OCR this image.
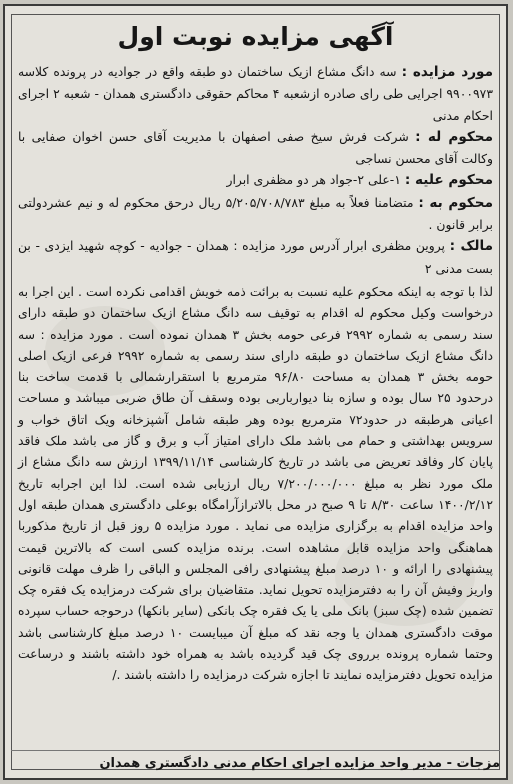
آگهی مزایده نوبت اول

مورد مزایده : سه دانگ مشاع ازیک ساختمان دو طبقه واقع در جوادیه در پرونده کلاسه ۹۹۰۰۹۷۳ اجرایی طی رای صادره ازشعبه ۴ محاکم حقوقی دادگستری همدان - شعبه ۲ اجرای احکام مدنی

محکوم له : شرکت فرش سیخ صفی اصفهان با مدیریت آقای حسن اخوان صفایی با وکالت آقای محسن نساجی

محکوم علیه : ۱-علی ۲-جواد هر دو مظفری ابرار

محکوم به : متضامنا فعلاً به مبلغ ۵/۲۰۵/۷۰۸/۷۸۳ ریال درحق محکوم له و نیم عشردولتی برابر قانون .

مالک : پروین مظفری ابرار آدرس مورد مزایده : همدان - جوادیه - کوچه شهید ایزدی - بن بست مدنی ۲

لذا با توجه به اینکه محکوم علیه نسبت به برائت ذمه خویش اقدامی نکرده است . این اجرا به درخواست وکیل محکوم له اقدام به توقیف سه دانگ مشاع ازیک ساختمان دو طبقه دارای سند رسمی به شماره ۲۹۹۲ فرعی حومه بخش ۳ همدان نموده است . مورد مزایده : سه دانگ مشاع ازیک ساختمان دو طبقه دارای سند رسمی به شماره ۲۹۹۲ فرعی ازیک اصلی حومه بخش ۳ همدان به مساحت ۹۶/۸۰ مترمربع با استقرارشمالی با قدمت ساخت بنا درحدود ۲۵ سال بوده و سازه بنا دیوارباربی بوده وسقف آن طاق ضربی میباشد و مساحت اعیانی هرطبقه در حدود۷۲ مترمربع بوده وهر طبقه شامل آشپزخانه ویک اتاق خواب و سرویس بهداشتی و حمام می باشد ملک دارای امتیاز آب و برق و گاز می باشد ملک فاقد پایان کار وفاقد تعریض می باشد در تاریخ کارشناسی ۱۳۹۹/۱۱/۱۴ ارزش سه دانگ مشاع از ملک مورد نظر به مبلغ ۷/۲۰۰/۰۰۰/۰۰۰ ریال ارزیابی شده است. لذا این اجرابه تاریخ ۱۴۰۰/۲/۱۲ ساعت ۸/۳۰ تا ۹ صبح در محل بالاترازآرامگاه بوعلی دادگستری همدان طبقه اول واحد مزایده اقدام به برگزاری مزایده می نماید . مورد مزایده ۵ روز قبل از تاریخ مذکوربا هماهنگی واحد مزایده قابل مشاهده است. برنده مزایده کسی است که بالاترین قیمت پیشنهادی را ارائه و ۱۰ درصد مبلغ پیشنهادی رافی المجلس و الباقی را ظرف مهلت قانونی واریز وفیش آن را به دفترمزایده تحویل نماید. متقاضیان برای شرکت درمزایده یک فقره چک تضمین شده (چک سبز) بانک ملی یا یک فقره چک بانکی (سایر بانکها) درحوجه حساب سپرده موقت دادگستری همدان یا وجه نقد که مبلغ آن میبایست ۱۰ درصد مبلغ کارشناسی باشد وحتما شماره پرونده برروی چک قید گردیده باشد به همراه خود داشته باشند و درساعت مزایده تحویل دفترمزایده نمایند تا اجازه شرکت درمزایده را داشته باشند ./

مزجات - مدیر واحد مزایده اجرای احکام مدنی دادگستری همدان
